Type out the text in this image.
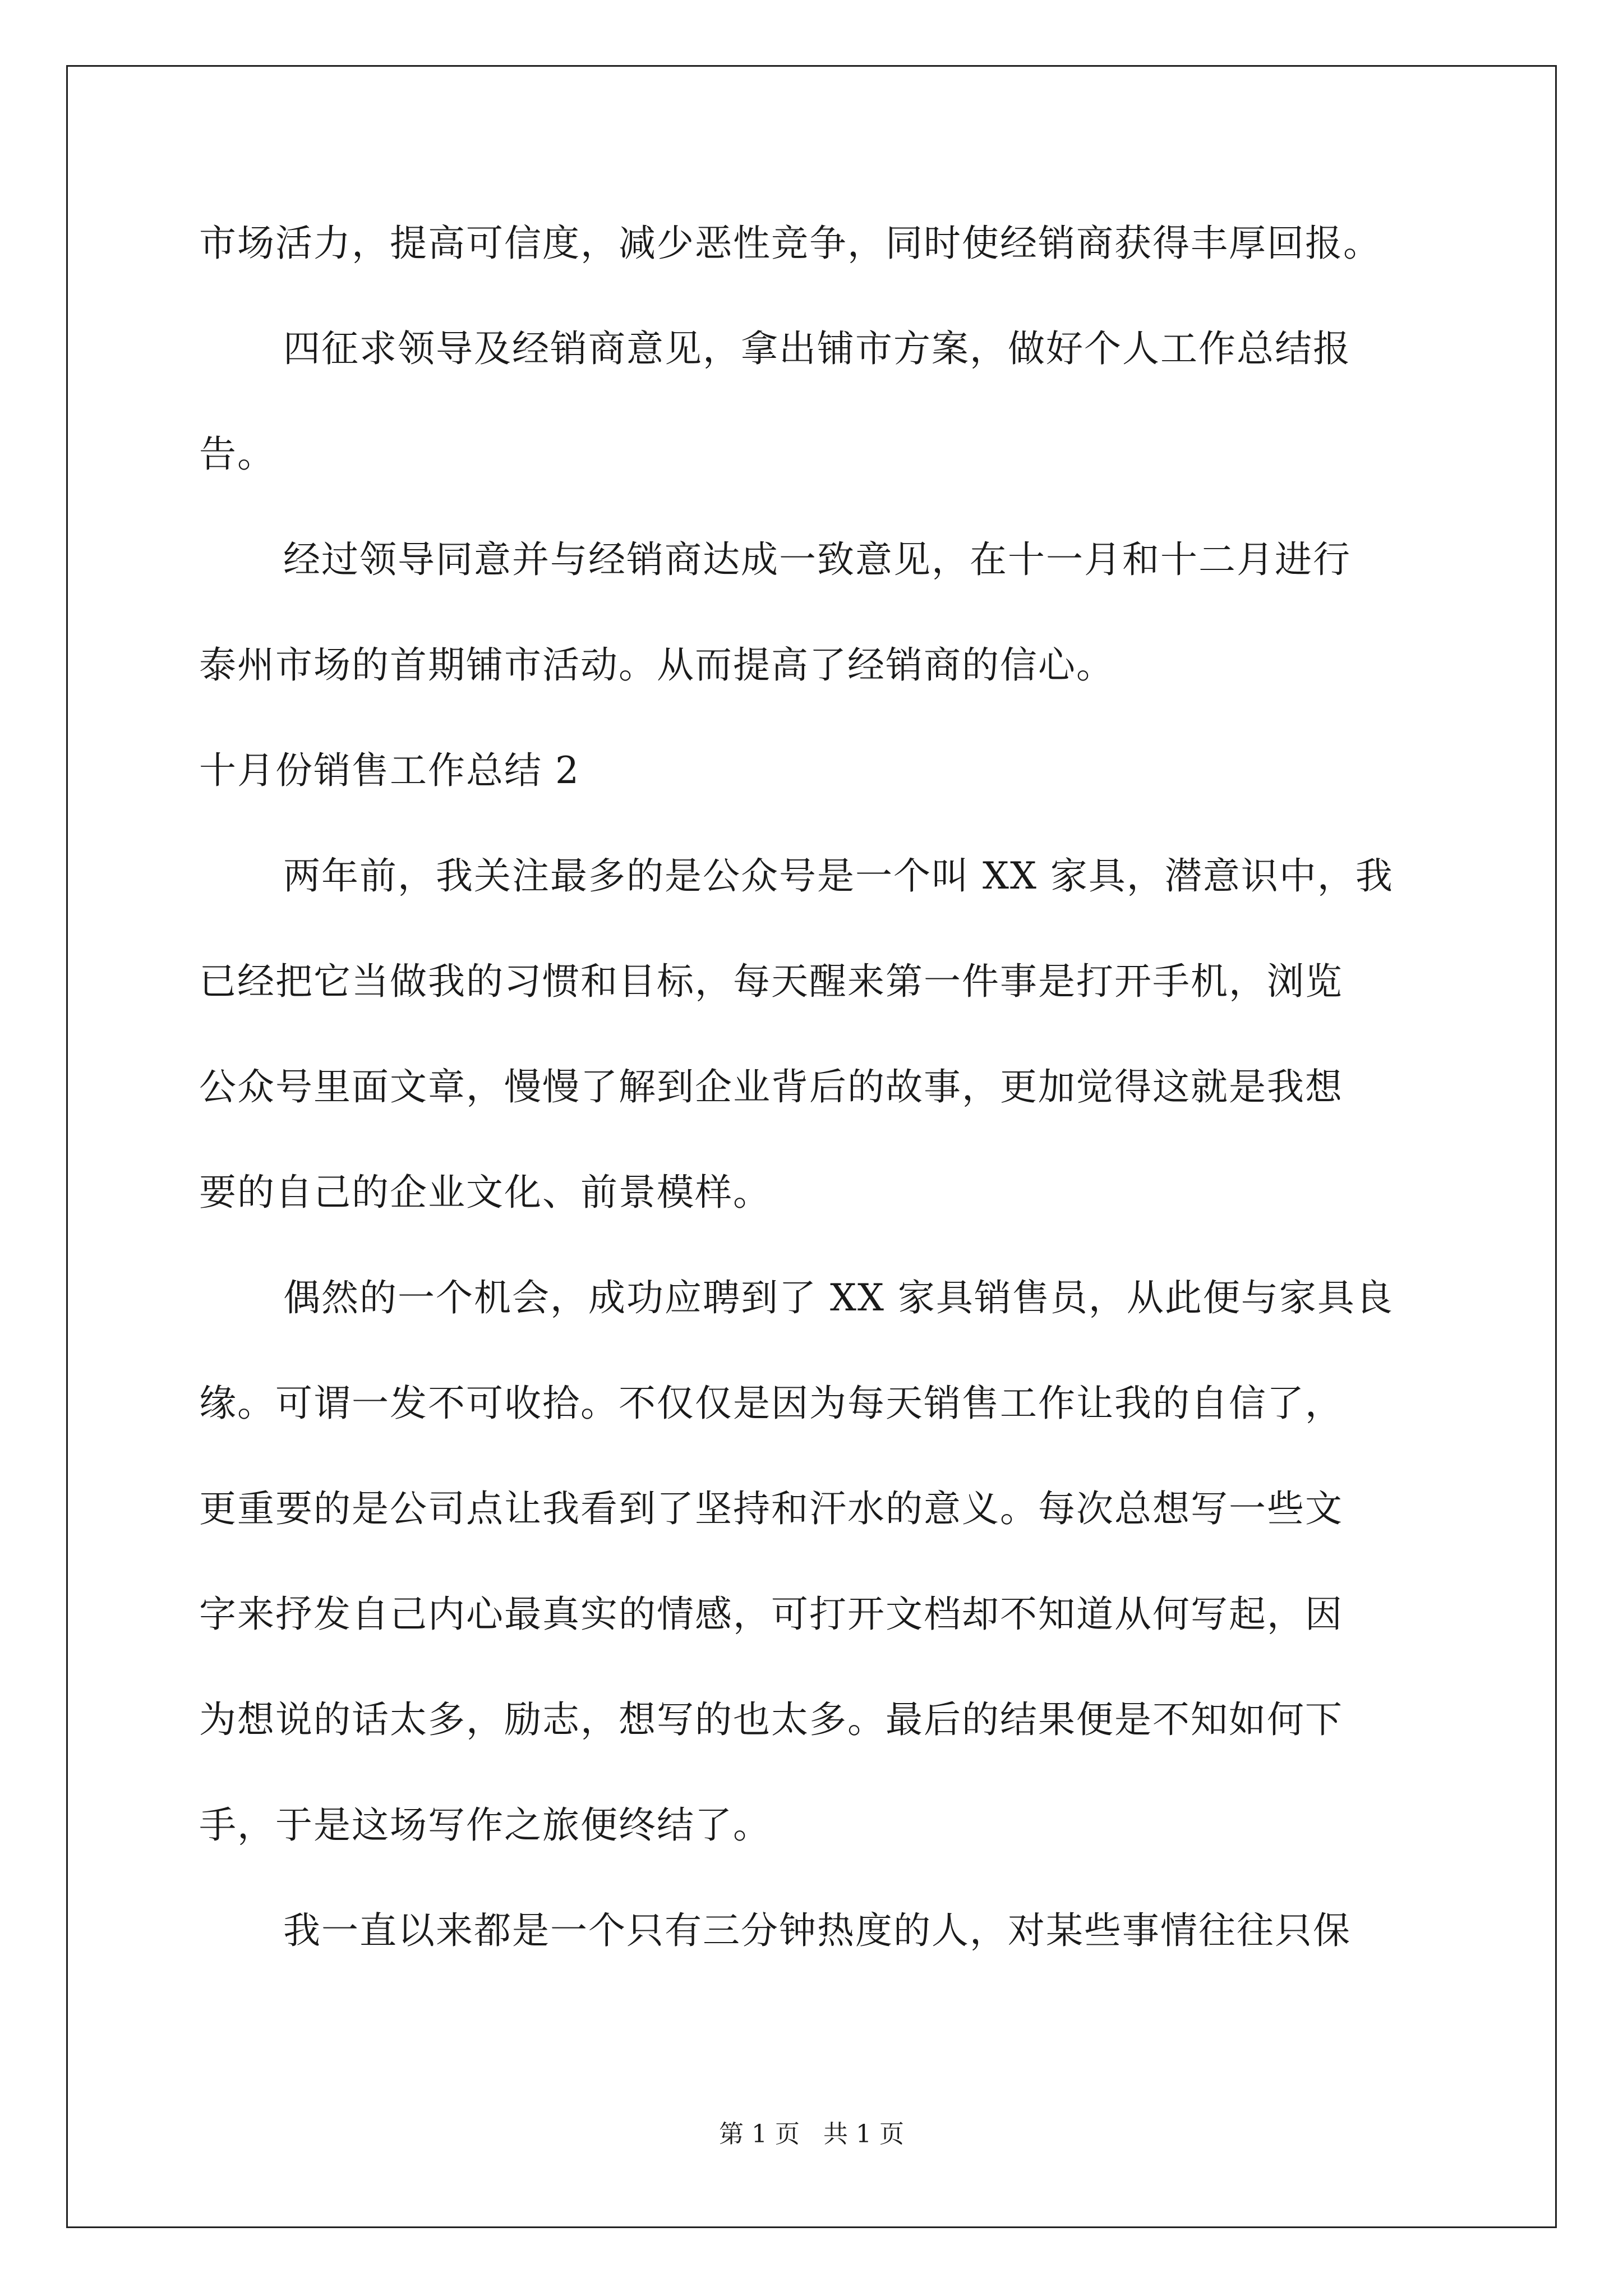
市场活力，提高可信度，减少恶性竞争，同时使经销商获得丰厚回报。
四征求领导及经销商意见，拿出铺市方案，做好个人工作总结报
告。
经过领导同意并与经销商达成一致意见，在十一月和十二月进行
泰州市场的首期铺市活动。从而提高了经销商的信心。
十月份销售工作总结 2
两年前，我关注最多的是公众号是一个叫 XX 家具，潜意识中，我
已经把它当做我的习惯和目标，每天醒来第一件事是打开手机，浏览
公众号里面文章，慢慢了解到企业背后的故事，更加觉得这就是我想
要的自己的企业文化、前景模样。
偶然的一个机会，成功应聘到了 XX 家具销售员，从此便与家具良
缘。可谓一发不可收拾。不仅仅是因为每天销售工作让我的自信了，
更重要的是公司点让我看到了坚持和汗水的意义。每次总想写一些文
字来抒发自己内心最真实的情感，可打开文档却不知道从何写起，因
为想说的话太多，励志，想写的也太多。最后的结果便是不知如何下
手，于是这场写作之旅便终结了。
我一直以来都是一个只有三分钟热度的人，对某些事情往往只保
第 1 页   共 1 页
